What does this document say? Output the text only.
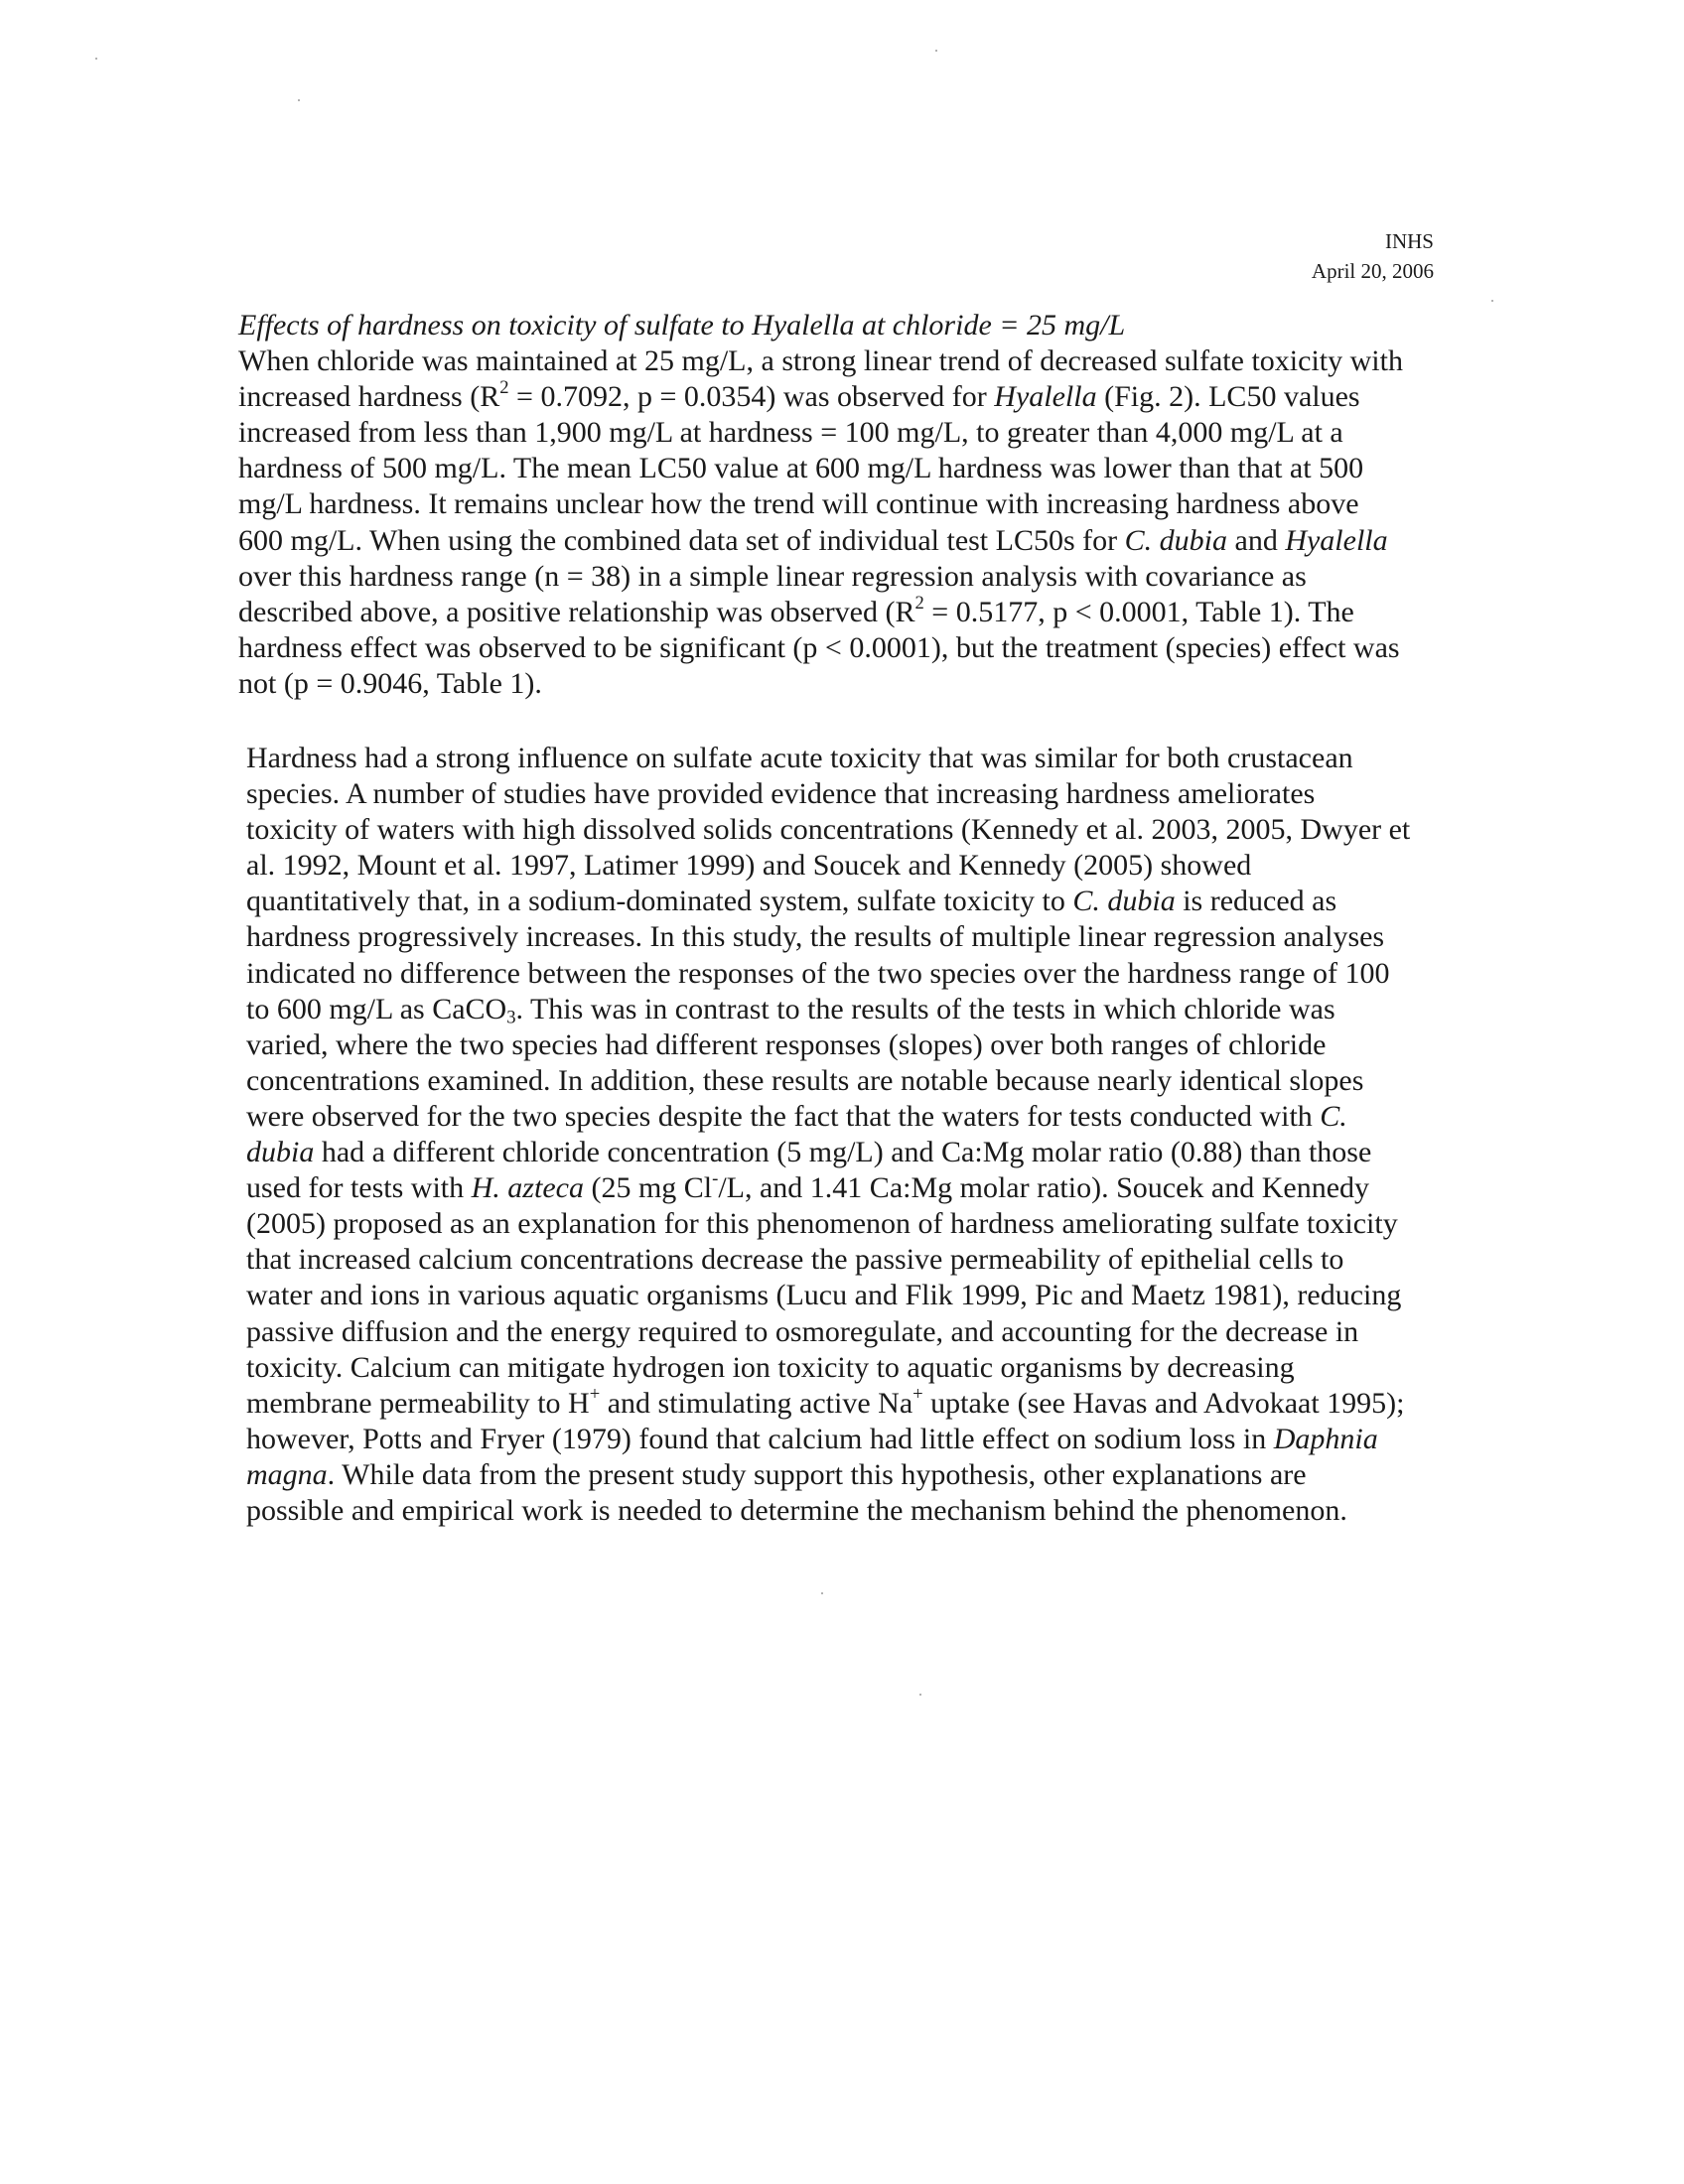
INHS
April 20, 2006
Effects of hardness on toxicity of sulfate to Hyalella at chloride = 25 mg/L
When chloride was maintained at 25 mg/L, a strong linear trend of decreased sulfate toxicity with
increased hardness ($R^2 = 0.7092$, p = 0.0354) was observed for Hyalella (Fig. 2). LC50 values
increased from less than 1,900 mg/L at hardness = 100 mg/L, to greater than 4,000 mg/L at a
hardness of 500 mg/L. The mean LC50 value at 600 mg/L hardness was lower than that at 500
mg/L hardness. It remains unclear how the trend will continue with increasing hardness above
600 mg/L. When using the combined data set of individual test LC50s for C. dubia and Hyalella
over this hardness range (n = 38) in a simple linear regression analysis with covariance as
described above, a positive relationship was observed ($R^2 = 0.5177$, p < 0.0001, Table 1). The
hardness effect was observed to be significant (p < 0.0001), but the treatment (species) effect was
not (p = 0.9046, Table 1).
Hardness had a strong influence on sulfate acute toxicity that was similar for both crustacean
species. A number of studies have provided evidence that increasing hardness ameliorates
toxicity of waters with high dissolved solids concentrations (Kennedy et al. 2003, 2005, Dwyer et
al. 1992, Mount et al. 1997, Latimer 1999) and Soucek and Kennedy (2005) showed
quantitatively that, in a sodium-dominated system, sulfate toxicity to C. dubia is reduced as
hardness progressively increases. In this study, the results of multiple linear regression analyses
indicated no difference between the responses of the two species over the hardness range of 100
to 600 mg/L as CaCO$_3$. This was in contrast to the results of the tests in which chloride was
varied, where the two species had different responses (slopes) over both ranges of chloride
concentrations examined. In addition, these results are notable because nearly identical slopes
were observed for the two species despite the fact that the waters for tests conducted with C.
dubia had a different chloride concentration (5 mg/L) and Ca:Mg molar ratio (0.88) than those
used for tests with H. azteca (25 mg Cl-/L, and 1.41 Ca:Mg molar ratio). Soucek and Kennedy
(2005) proposed as an explanation for this phenomenon of hardness ameliorating sulfate toxicity
that increased calcium concentrations decrease the passive permeability of epithelial cells to
water and ions in various aquatic organisms (Lucu and Flik 1999, Pic and Maetz 1981), reducing
passive diffusion and the energy required to osmoregulate, and accounting for the decrease in
toxicity. Calcium can mitigate hydrogen ion toxicity to aquatic organisms by decreasing
membrane permeability to H+ and stimulating active Na+ uptake (see Havas and Advokaat 1995);
however, Potts and Fryer (1979) found that calcium had little effect on sodium loss in Daphnia
magna. While data from the present study support this hypothesis, other explanations are
possible and empirical work is needed to determine the mechanism behind the phenomenon.
